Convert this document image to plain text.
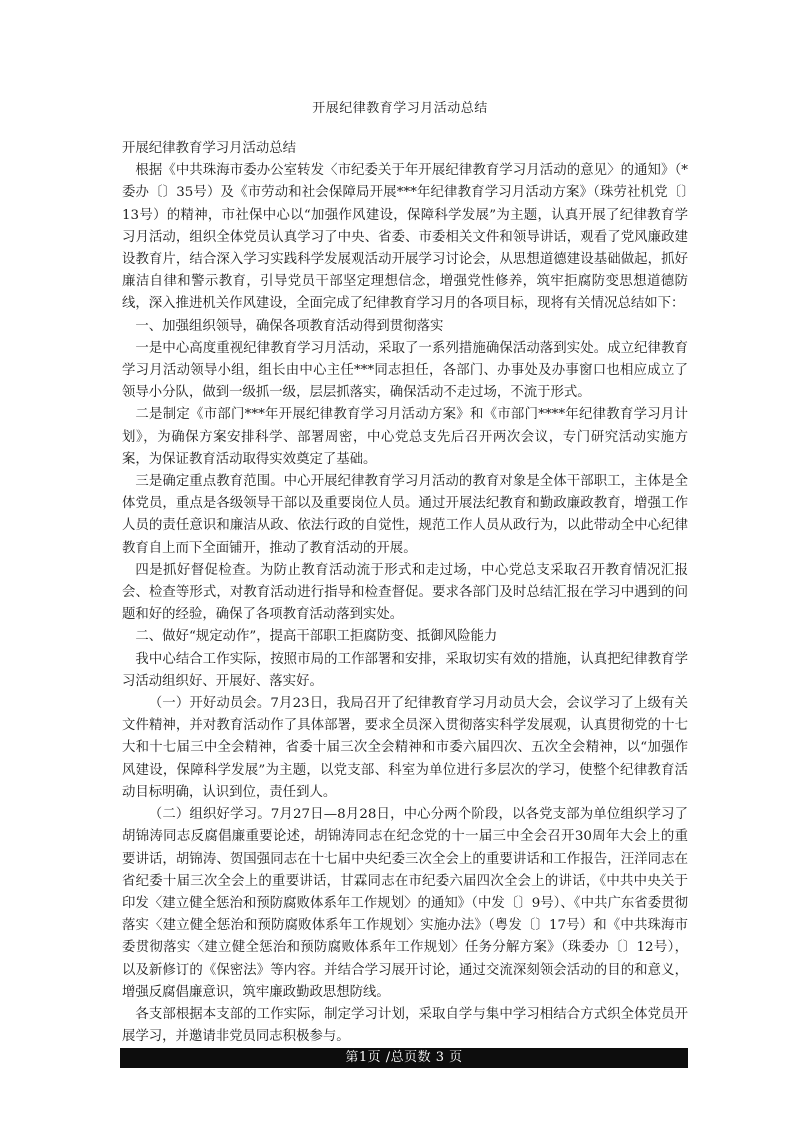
开展纪律教育学习月活动总结

开展纪律教育学习月活动总结

根据《中共珠海市委办公室转发〈市纪委关于年开展纪律教育学习月活动的意见〉的通知》（*委办〔〕35号）及《市劳动和社会保障局开展***年纪律教育学习月活动方案》（珠劳社机党〔〕13号）的精神，市社保中心以“加强作风建设，保障科学发展”为主题，认真开展了纪律教育学习月活动，组织全体党员认真学习了中央、省委、市委相关文件和领导讲话，观看了党风廉政建设教育片，结合深入学习实践科学发展观活动开展学习讨论会，从思想道德建设基础做起，抓好廉洁自律和警示教育，引导党员干部坚定理想信念，增强党性修养，筑牢拒腐防变思想道德防线，深入推进机关作风建设，全面完成了纪律教育学习月的各项目标，现将有关情况总结如下：

一、加强组织领导，确保各项教育活动得到贯彻落实

一是中心高度重视纪律教育学习月活动，采取了一系列措施确保活动落到实处。成立纪律教育学习月活动领导小组，组长由中心主任***同志担任，各部门、办事处及办事窗口也相应成立了领导小分队，做到一级抓一级，层层抓落实，确保活动不走过场，不流于形式。

二是制定《市部门***年开展纪律教育学习月活动方案》和《市部门****年纪律教育学习月计划》，为确保方案安排科学、部署周密，中心党总支先后召开两次会议，专门研究活动实施方案，为保证教育活动取得实效奠定了基础。

三是确定重点教育范围。中心开展纪律教育学习月活动的教育对象是全体干部职工，主体是全体党员，重点是各级领导干部以及重要岗位人员。通过开展法纪教育和勤政廉政教育，增强工作人员的责任意识和廉洁从政、依法行政的自觉性，规范工作人员从政行为，以此带动全中心纪律教育自上而下全面铺开，推动了教育活动的开展。

四是抓好督促检查。为防止教育活动流于形式和走过场，中心党总支采取召开教育情况汇报会、检查等形式，对教育活动进行指导和检查督促。要求各部门及时总结汇报在学习中遇到的问题和好的经验，确保了各项教育活动落到实处。

二、做好“规定动作”，提高干部职工拒腐防变、抵御风险能力

我中心结合工作实际，按照市局的工作部署和安排，采取切实有效的措施，认真把纪律教育学习活动组织好、开展好、落实好。

（一）开好动员会。7月23日，我局召开了纪律教育学习月动员大会，会议学习了上级有关文件精神，并对教育活动作了具体部署，要求全员深入贯彻落实科学发展观，认真贯彻党的十七大和十七届三中全会精神，省委十届三次全会精神和市委六届四次、五次全会精神，以“加强作风建设，保障科学发展”为主题，以党支部、科室为单位进行多层次的学习，使整个纪律教育活动目标明确，认识到位，责任到人。

（二）组织好学习。7月27日—8月28日，中心分两个阶段，以各党支部为单位组织学习了胡锦涛同志反腐倡廉重要论述，胡锦涛同志在纪念党的十一届三中全会召开30周年大会上的重要讲话，胡锦涛、贺国强同志在十七届中央纪委三次全会上的重要讲话和工作报告，汪洋同志在省纪委十届三次全会上的重要讲话，甘霖同志在市纪委六届四次全会上的讲话，《中共中央关于印发〈建立健全惩治和预防腐败体系年工作规划〉的通知》（中发〔〕9号）、《中共广东省委贯彻落实〈建立健全惩治和预防腐败体系年工作规划〉实施办法》（粤发〔〕17号）和《中共珠海市委贯彻落实〈建立健全惩治和预防腐败体系年工作规划〉任务分解方案》（珠委办〔〕12号），以及新修订的《保密法》等内容。并结合学习展开讨论，通过交流深刻领会活动的目的和意义，增强反腐倡廉意识，筑牢廉政勤政思想防线。

各支部根据本支部的工作实际，制定学习计划，采取自学与集中学习相结合方式织全体党员开展学习，并邀请非党员同志积极参与。

第1页 /总页数 3 页
